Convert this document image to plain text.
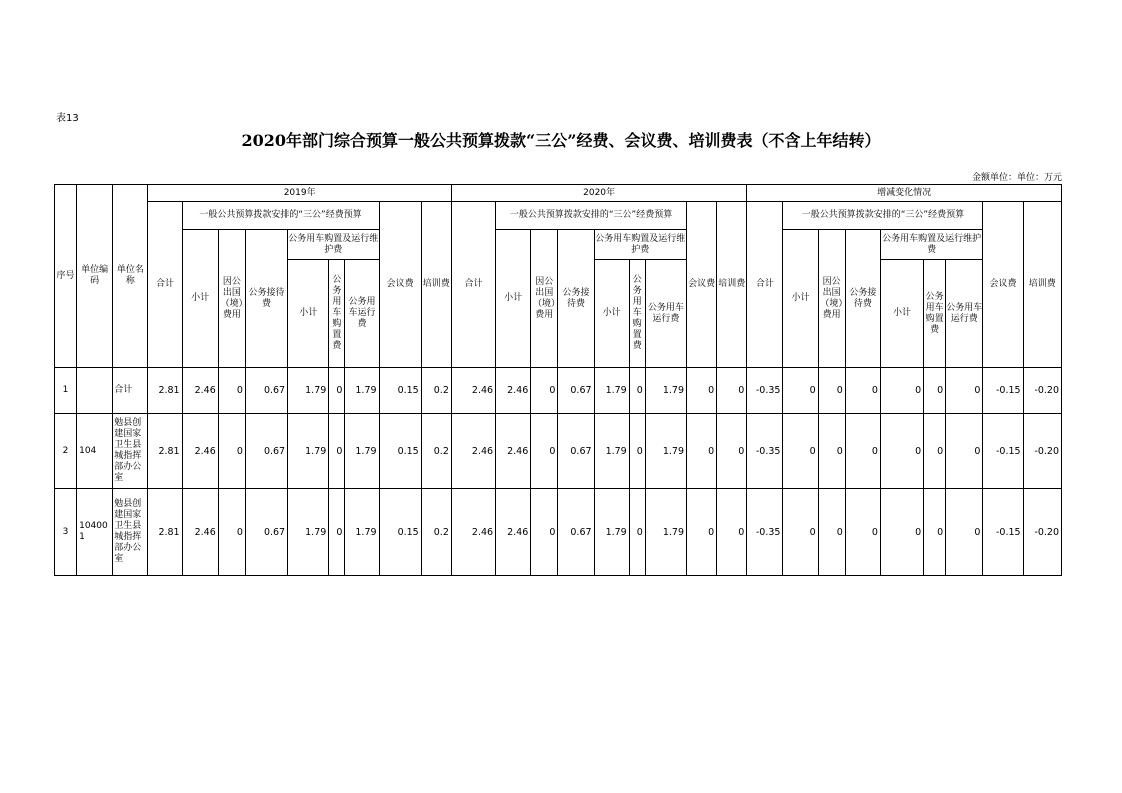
表13
2020年部门综合预算一般公共预算拨款“三公”经费、会议费、培训费表（不含上年结转）
金额单位：单位：万元
序号	单位编码	单位名称	2019年									2020年									增减变化情况								
			合计	一般公共预算拨款安排的“三公”经费预算						会议费	培训费	合计	一般公共预算拨款安排的“三公”经费预算						会议费	培训费	合计	一般公共预算拨款安排的“三公”经费预算						会议费	培训费
				小计	因公出国（境）费用	公务接待费	公务用车购置及运行维护费						小计	因公出国（境）费用	公务接待费	公务用车购置及运行维护费						小计	因公出国（境）费用	公务接待费	公务用车购置及运行维护费				
							小计	公务用车购置费	公务用车运行费							小计	公务用车购置费	公务用车运行费							小计	公务用车购置费	公务用车运行费		

1		合计	2.81	2.46	0	0.67	1.79	0	1.79	0.15	0.2	2.46	2.46	0	0.67	1.79	0	1.79	0	0	-0.35	0	0	0	0	0	0	-0.15	-0.20
2	104	勉县创建国家卫生县城指挥部办公室	2.81	2.46	0	0.67	1.79	0	1.79	0.15	0.2	2.46	2.46	0	0.67	1.79	0	1.79	0	0	-0.35	0	0	0	0	0	0	-0.15	-0.20
3	104001	勉县创建国家卫生县城指挥部办公室	2.81	2.46	0	0.67	1.79	0	1.79	0.15	0.2	2.46	2.46	0	0.67	1.79	0	1.79	0	0	-0.35	0	0	0	0	0	0	-0.15	-0.20
